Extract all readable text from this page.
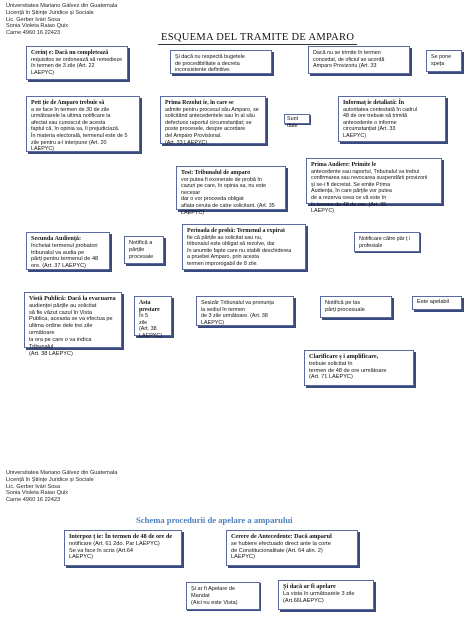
Universitatea Mariano Gálvez din Guatemala
Licență în Științe Juridice și Sociale
Lic. Gerber Ivári Sosa
Sonia Violeta Raiao Quix
Carne 4960 16 22423	ESQUEMA DEL TRAMITE DE AMPARO
Cerinț e: Dacă nu completează
requisitos se ordonează să remedieze
în termen de 3 zile (Art. 22
LAEPYC)
Și dacă nu respectă bugetele
de procedibilitate a decreta
inconsistente definitive.
Dacă nu se trimite în termen
concedat, de oficiul se acordă
Amparo Provizoriu (Art. 33
Se pone
speța
Pett ție de Amparo trebuie să
a se face în termen de 30 de zile
următoarele la ultima notificare la
afectat sau cunoscut de acesta
faptul că, în opinia sa, îi prejudiciază.
În materia electorală, termenul este de 5
zile pentru a-l interpune (Art. 20
LAEPYC)
Prima Rezolut ie, în care se
admite pentru procesul său Amparo, se
solicitând antecedentele sau în al său
defectuos raportul circumstanțiat; se
poste procesele, despre acordare
del Amparo Provisional.
(Art. 33 LAEPYC)
Sunt date
Informaț ie detaliată: În
autoritatea contestată în cadrul
48 de ore trebuie să trimită
antecedente o informe
circumstanțiat (Art. 33
LAEPYC)
Test: Tribunalul de amparo
vor putea fi exonerate de probă în
cazuri pe care, în opinia sa, nu este necesar
dar o vor proceeda obligat
afiata ceruta de catre solicitant. (Art. 35
LAEPYC)
Prima Audiere: Primite le
antecedente sau raportul, Tribunalul va trebui
confirmarea sau revocarea suspendării provizorii
și se-i fi decretat. Se emite Prima
Audiența, în care părțile vor putea
de a rezerva ceea ce vă este în
în termen de 48 de ore. (Art. 35
LAEPYC)
Secunda Audiență:
încheiat termenul probatori
tribunalul va audia pe
părți pentru termenul de 48
ore. (Art. 37 LAEPYC)
Notifică a
părțile
procesale
Perioada de probă: Termenul a expirat
fie că părțile au solicitat sau nu,
tribunalul este obligat să rezolve, dar
în anumite fapte care nu stabili deschiderea
a pruebei Amparo, prin acesta
termen improrogabil de 8 zile.
Notificare către păr ț i
profesiale
Vistă Publică: Dacă la evacuarea
audienței părțile au solicitat
să fie văzut cazul în Vista
Publica, aceasta se va efectua pe
ultima ordine dele trei zile următoare
la ora pe care o va indica Tribunalul
(Art. 38 LAEPYC)
Asta prestare
în 5
zile
(Art. 38
LAEPYC)
Sesizăr Tribunalul va pronunța
la sediul în termen
de 3 zile următoare. (Art. 38
LAEPYC)
Notifică pe las
părți procesuale
Este apelabil
Clarificare ș i amplificare,
trebuie solicitat în
termen de 48 de ore următoare
(Art. 71 LAEPYC)
Universitatea Mariano Gálvez din Guatemala
Licență în Științe Juridice și Sociale
Lic. Gerber Ivári Sosa
Sonia Violeta Raiao Quix
Carne 4960 16 22423
Schema procedurii de apelare a amparului
Interpoz ț ie: În termen de 48 de ore de
notificare (Art. 61 2do. Par LAEPYC)
Se va face în scris (Art.64
LAEPYC)
Cerere de Antecedente: Dacă amparul
se hubiere efectuado direct ante la corte
de Constitucionalitate (Art. 64 alin. 2)
LAEPYC)
Și ar fi Apelare de
Mandat
(Aici nu este Vista)
Și dacă ar fi apelare
La vista în următoarele 3 zile
(Art.66LAEPYC)
